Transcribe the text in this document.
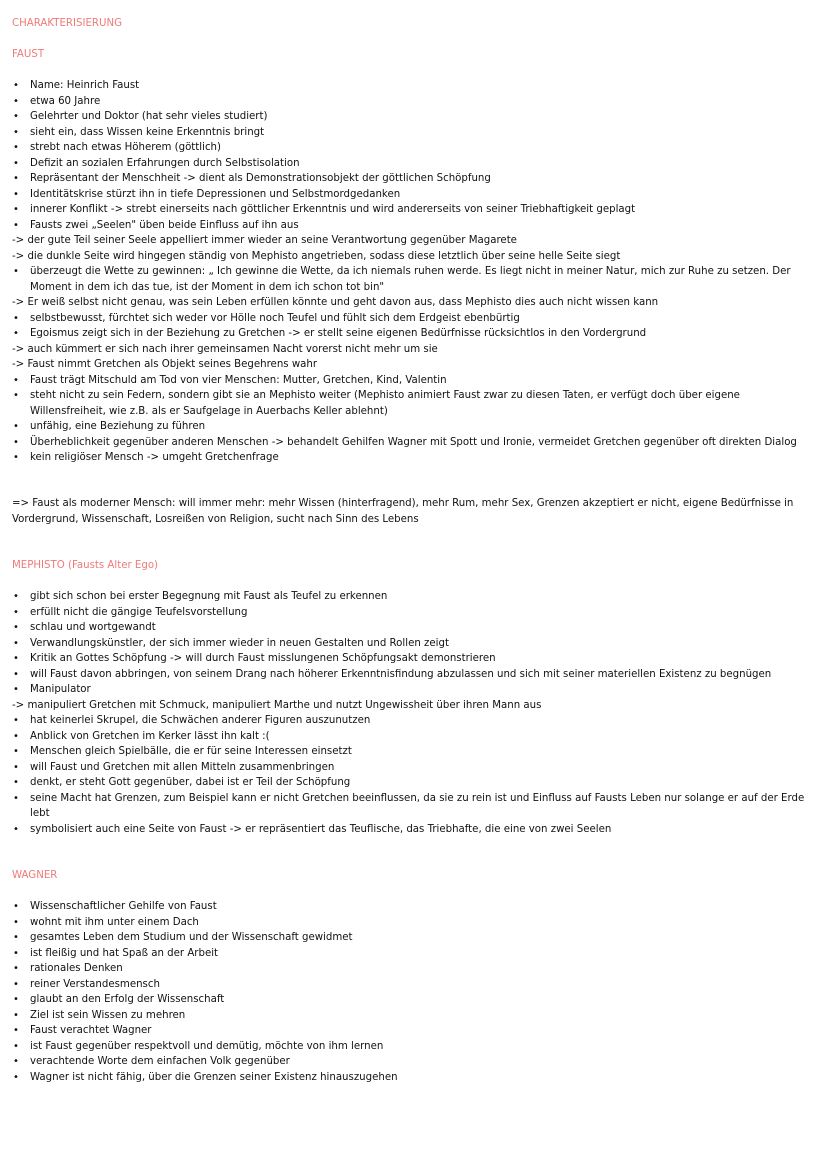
CHARAKTERISIERUNG
FAUST
• Name: Heinrich Faust
• etwa 60 Jahre
• Gelehrter und Doktor (hat sehr vieles studiert)
• sieht ein, dass Wissen keine Erkenntnis bringt
• strebt nach etwas Höherem (göttlich)
• Defizit an sozialen Erfahrungen durch Selbstisolation
• Repräsentant der Menschheit -> dient als Demonstrationsobjekt der göttlichen Schöpfung
• Identitätskrise stürzt ihn in tiefe Depressionen und Selbstmordgedanken
• innerer Konflikt -> strebt einerseits nach göttlicher Erkenntnis und wird andererseits von seiner Triebhaftigkeit geplagt
• Fausts zwei „Seelen" üben beide Einfluss auf ihn aus
-> der gute Teil seiner Seele appelliert immer wieder an seine Verantwortung gegenüber Magarete
-> die dunkle Seite wird hingegen ständig von Mephisto angetrieben, sodass diese letztlich über seine helle Seite siegt
• überzeugt die Wette zu gewinnen: „ Ich gewinne die Wette, da ich niemals ruhen werde. Es liegt nicht in meiner Natur, mich zur Ruhe zu setzen. Der Moment in dem ich das tue, ist der Moment in dem ich schon tot bin"
-> Er weiß selbst nicht genau, was sein Leben erfüllen könnte und geht davon aus, dass Mephisto dies auch nicht wissen kann
• selbstbewusst, fürchtet sich weder vor Hölle noch Teufel und fühlt sich dem Erdgeist ebenbürtig
• Egoismus zeigt sich in der Beziehung zu Gretchen -> er stellt seine eigenen Bedürfnisse rücksichtlos in den Vordergrund
-> auch kümmert er sich nach ihrer gemeinsamen Nacht vorerst nicht mehr um sie
-> Faust nimmt Gretchen als Objekt seines Begehrens wahr
• Faust trägt Mitschuld am Tod von vier Menschen: Mutter, Gretchen, Kind, Valentin
• steht nicht zu sein Federn, sondern gibt sie an Mephisto weiter (Mephisto animiert Faust zwar zu diesen Taten, er verfügt doch über eigene Willensfreiheit, wie z.B. als er Saufgelage in Auerbachs Keller ablehnt)
• unfähig, eine Beziehung zu führen
• Überheblichkeit gegenüber anderen Menschen -> behandelt Gehilfen Wagner mit Spott und Ironie, vermeidet Gretchen gegenüber oft direkten Dialog
• kein religiöser Mensch -> umgeht Gretchenfrage

=> Faust als moderner Mensch: will immer mehr: mehr Wissen (hinterfragend), mehr Rum, mehr Sex, Grenzen akzeptiert er nicht, eigene Bedürfnisse in Vordergrund, Wissenschaft, Losreißen von Religion, sucht nach Sinn des Lebens

MEPHISTO (Fausts Alter Ego)
• gibt sich schon bei erster Begegnung mit Faust als Teufel zu erkennen
• erfüllt nicht die gängige Teufelsvorstellung
• schlau und wortgewandt
• Verwandlungskünstler, der sich immer wieder in neuen Gestalten und Rollen zeigt
• Kritik an Gottes Schöpfung -> will durch Faust misslungenen Schöpfungsakt demonstrieren
• will Faust davon abbringen, von seinem Drang nach höherer Erkenntnisfindung abzulassen und sich mit seiner materiellen Existenz zu begnügen
• Manipulator
-> manipuliert Gretchen mit Schmuck, manipuliert Marthe und nutzt Ungewissheit über ihren Mann aus
• hat keinerlei Skrupel, die Schwächen anderer Figuren auszunutzen
• Anblick von Gretchen im Kerker lässt ihn kalt :(
• Menschen gleich Spielbälle, die er für seine Interessen einsetzt
• will Faust und Gretchen mit allen Mitteln zusammenbringen
• denkt, er steht Gott gegenüber, dabei ist er Teil der Schöpfung
• seine Macht hat Grenzen, zum Beispiel kann er nicht Gretchen beeinflussen, da sie zu rein ist und Einfluss auf Fausts Leben nur solange er auf der Erde lebt
• symbolisiert auch eine Seite von Faust -> er repräsentiert das Teuflische, das Triebhafte, die eine von zwei Seelen
WAGNER
• Wissenschaftlicher Gehilfe von Faust
• wohnt mit ihm unter einem Dach
• gesamtes Leben dem Studium und der Wissenschaft gewidmet
• ist fleißig und hat Spaß an der Arbeit
• rationales Denken
• reiner Verstandesmensch
• glaubt an den Erfolg der Wissenschaft
• Ziel ist sein Wissen zu mehren
• Faust verachtet Wagner
• ist Faust gegenüber respektvoll und demütig, möchte von ihm lernen
• verachtende Worte dem einfachen Volk gegenüber
• Wagner ist nicht fähig, über die Grenzen seiner Existenz hinauszugehen
